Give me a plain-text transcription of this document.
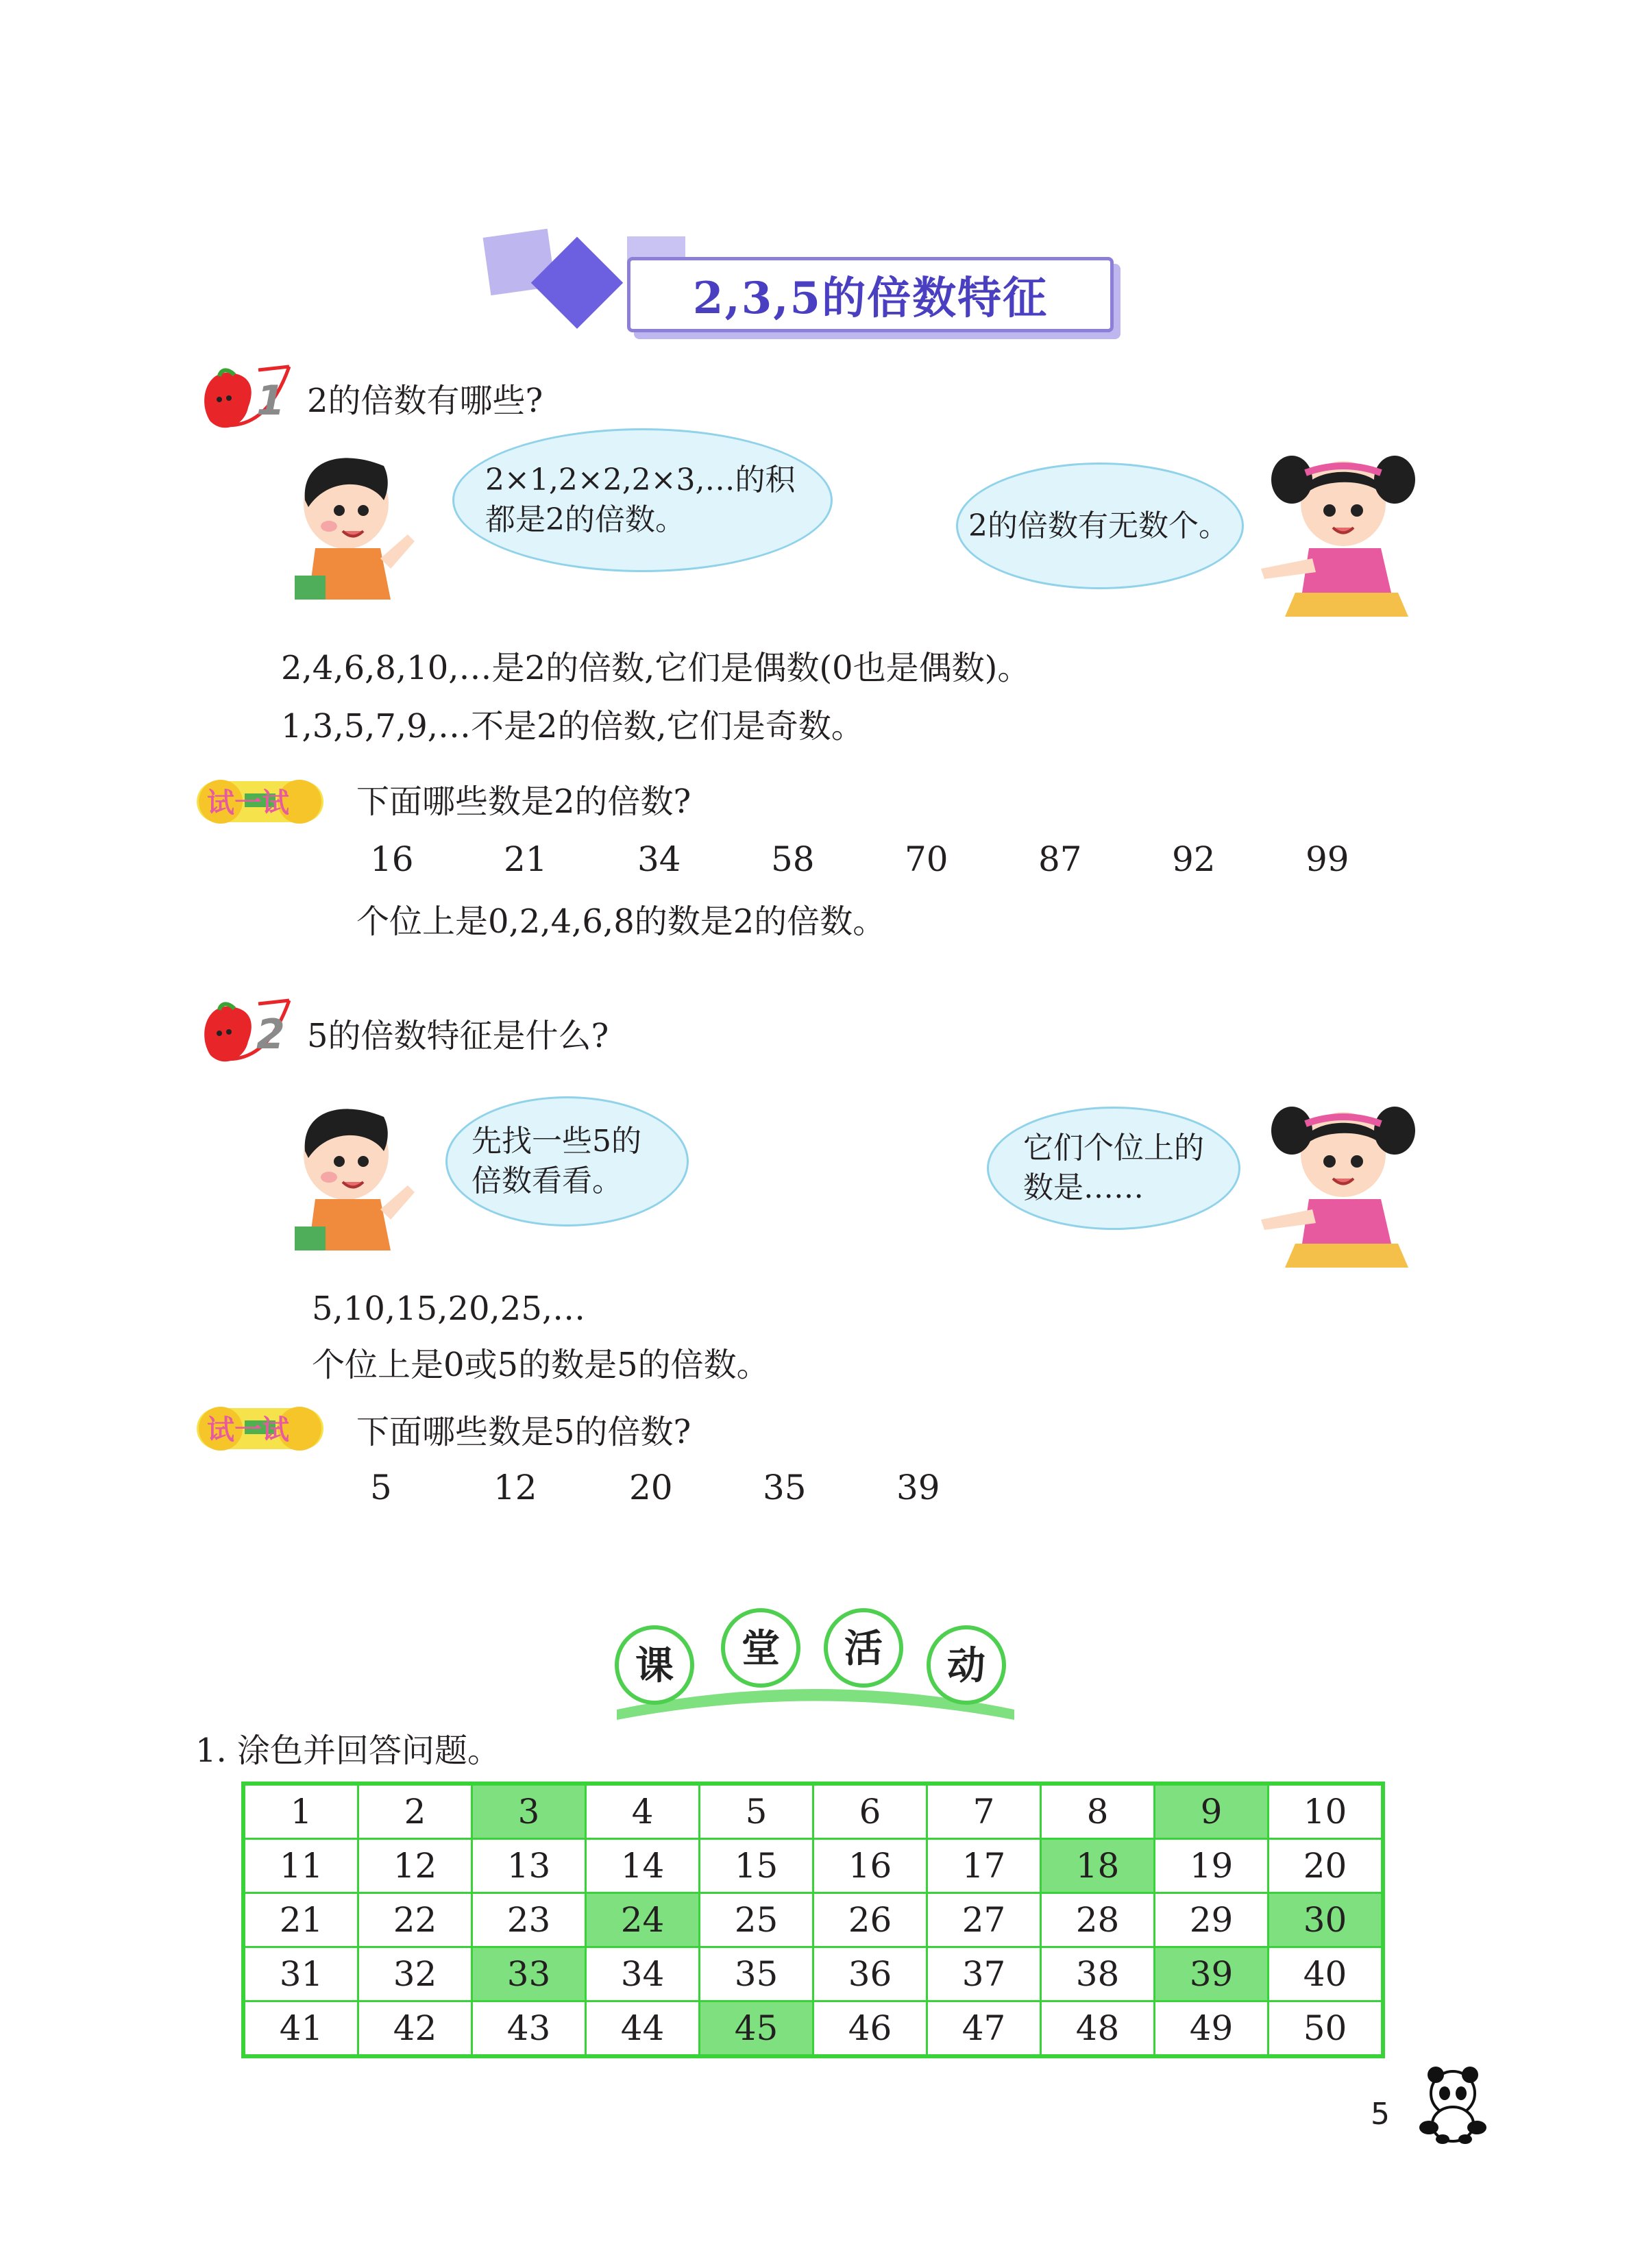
2,3,5的倍数特征
1 2的倍数有哪些?
2×1,2×2,2×3,…的积
都是2的倍数。	2的倍数有无数个。
2,4,6,8,10,…是2的倍数,它们是偶数(0也是偶数)。
1,3,5,7,9,…不是2的倍数,它们是奇数。
试一试 下面哪些数是2的倍数?
16	21	34	58	70	87	92	99
个位上是0,2,4,6,8的数是2的倍数。
2 5的倍数特征是什么?
先找一些5的
倍数看看。
它们个位上的
数是……
5,10,15,20,25,…
个位上是0或5的数是5的倍数。
试一试 下面哪些数是5的倍数?
5	12	20	35	39
课 堂 活 动
1. 涂色并回答问题。
1	2	3	4	5	6	7	8	9	10
11	12	13	14	15	16	17	18	19	20
21	22	23	24	25	26	27	28	29	30
31	32	33	34	35	36	37	38	39	40
41	42	43	44	45	46	47	48	49	50
5
